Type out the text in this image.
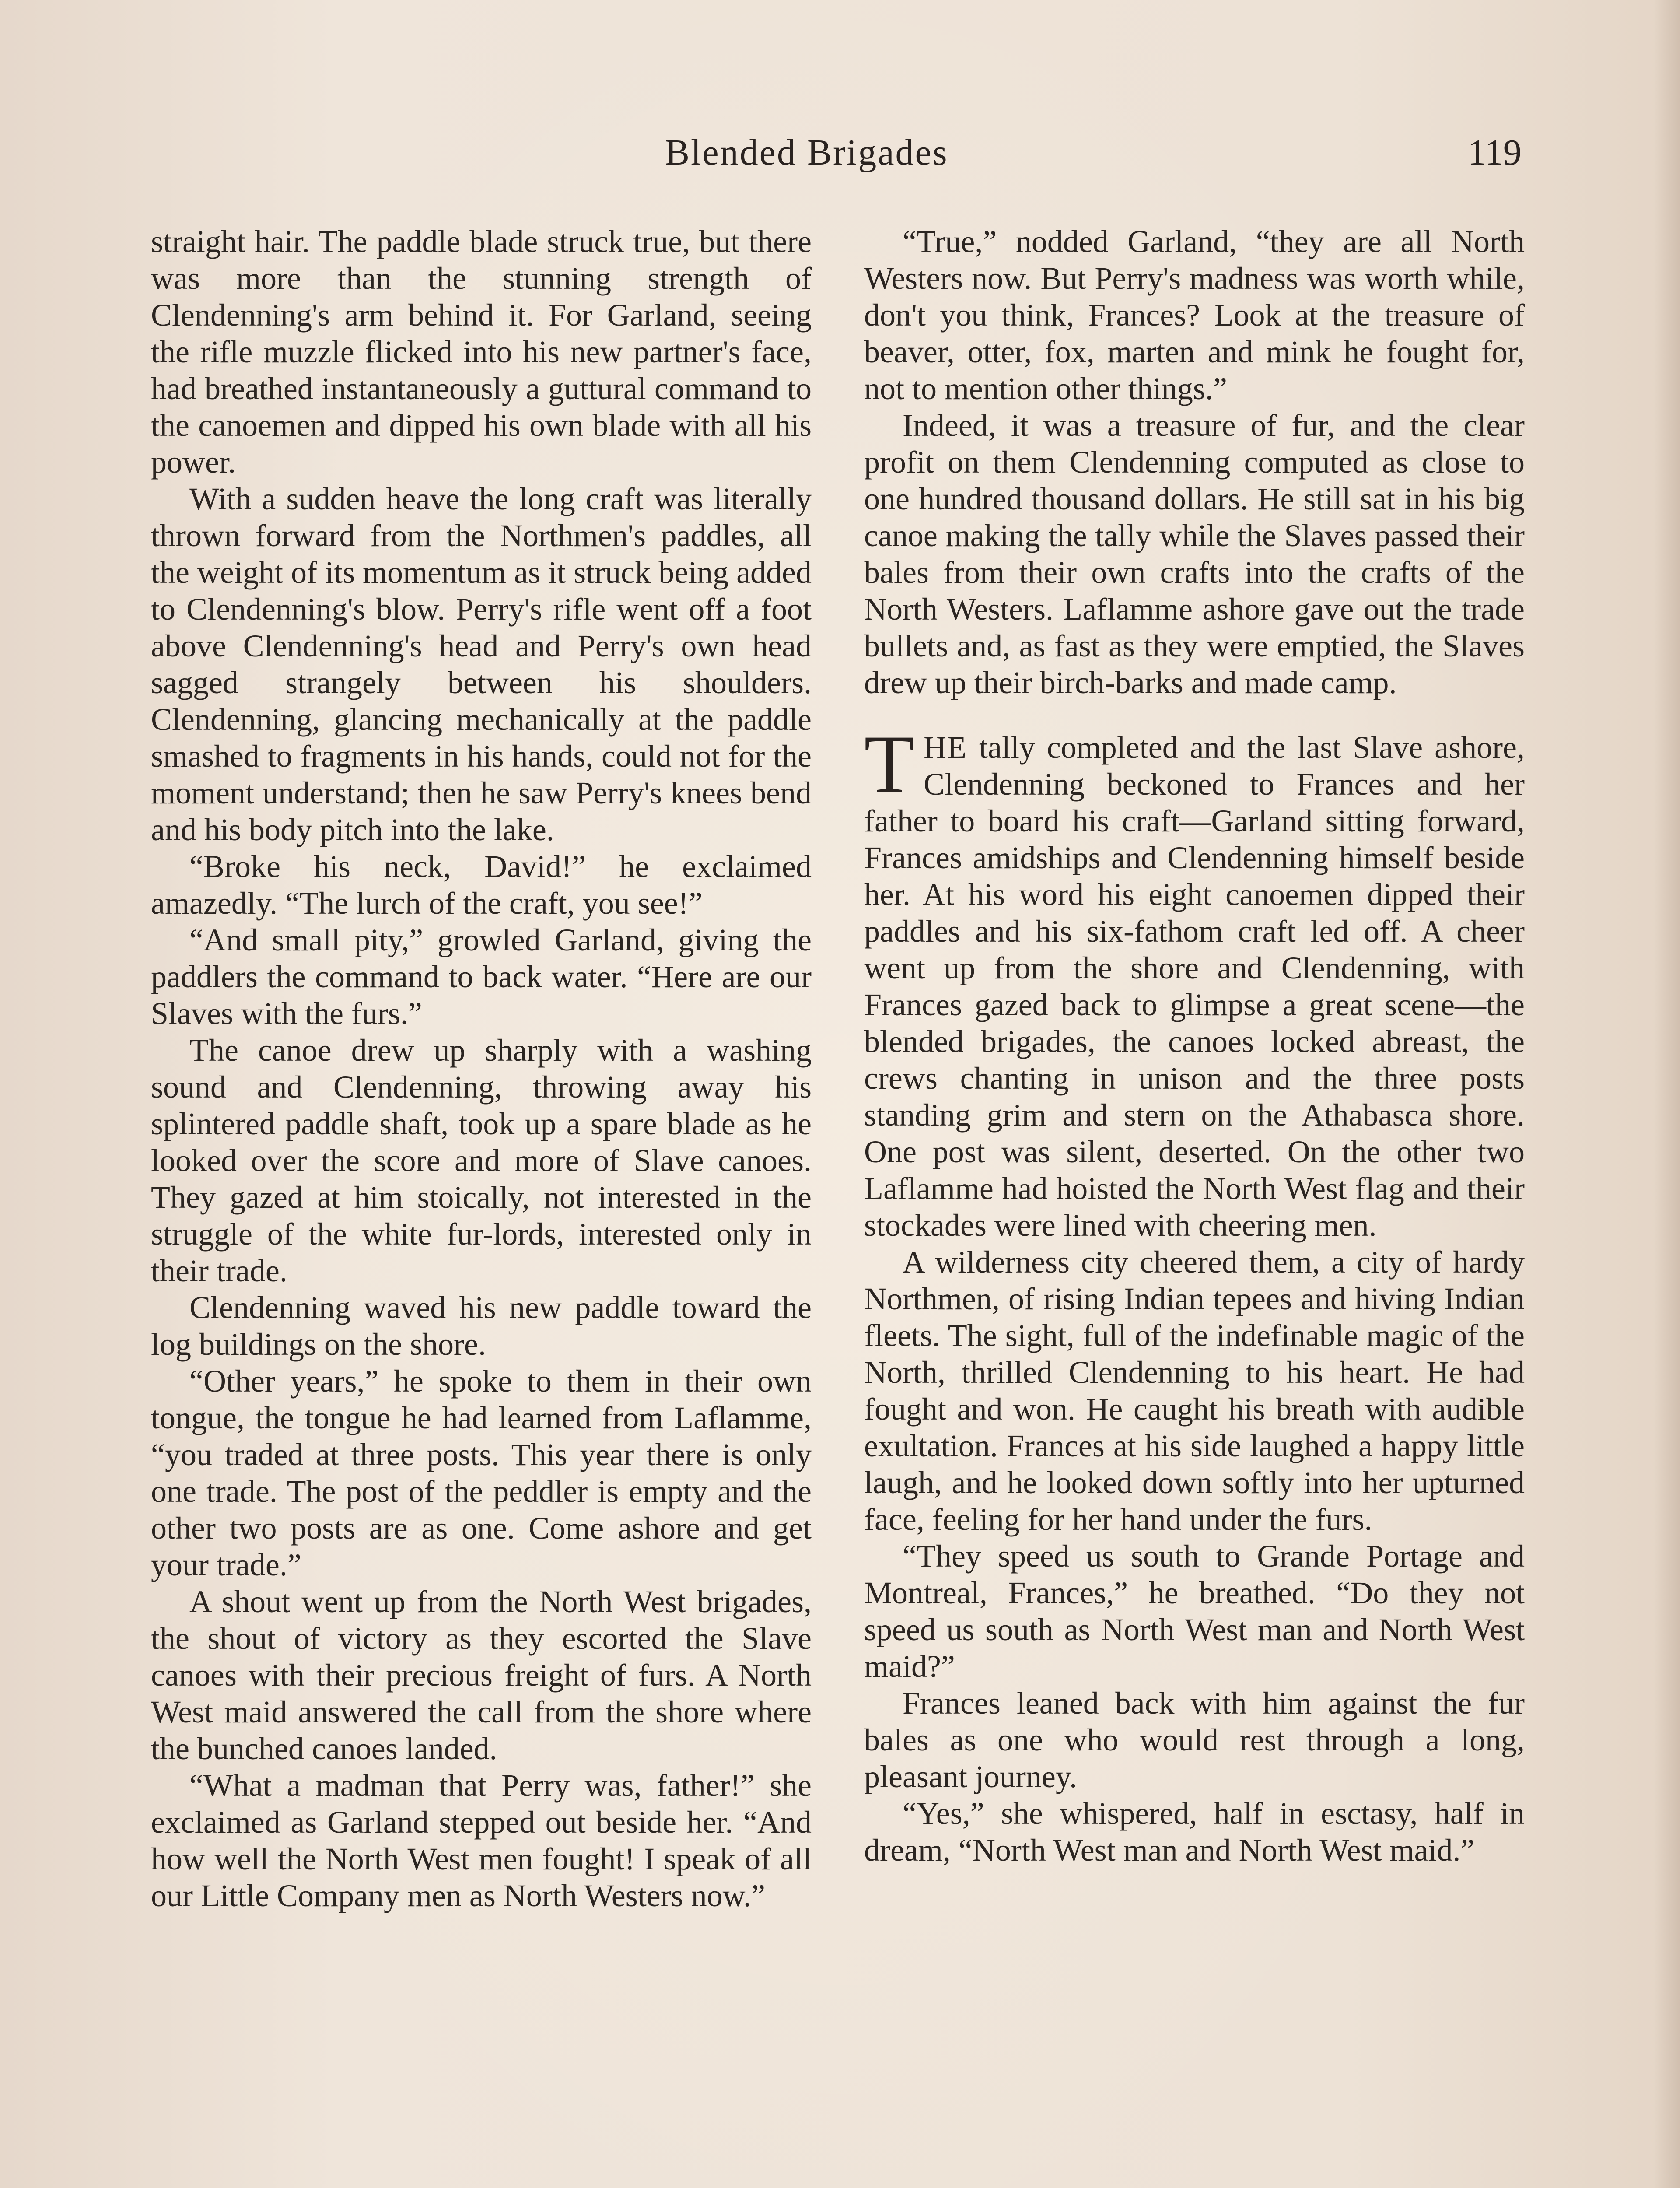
Blended Brigades	119

straight hair. The paddle blade struck true, but there was more than the stunning strength of Clendenning's arm behind it. For Garland, seeing the rifle muzzle flicked into his new partner's face, had breathed instantaneously a guttural command to the canoemen and dipped his own blade with all his power.

With a sudden heave the long craft was literally thrown forward from the Northmen's paddles, all the weight of its momentum as it struck being added to Clendenning's blow. Perry's rifle went off a foot above Clendenning's head and Perry's own head sagged strangely between his shoulders. Clendenning, glancing mechanically at the paddle smashed to fragments in his hands, could not for the moment understand; then he saw Perry's knees bend and his body pitch into the lake.

“Broke his neck, David!” he exclaimed amazedly. “The lurch of the craft, you see!”

“And small pity,” growled Garland, giving the paddlers the command to back water. “Here are our Slaves with the furs.”

The canoe drew up sharply with a washing sound and Clendenning, throwing away his splintered paddle shaft, took up a spare blade as he looked over the score and more of Slave canoes. They gazed at him stoically, not interested in the struggle of the white fur-lords, interested only in their trade.

Clendenning waved his new paddle toward the log buildings on the shore.

“Other years,” he spoke to them in their own tongue, the tongue he had learned from Laflamme, “you traded at three posts. This year there is only one trade. The post of the peddler is empty and the other two posts are as one. Come ashore and get your trade.”

A shout went up from the North West brigades, the shout of victory as they escorted the Slave canoes with their precious freight of furs. A North West maid answered the call from the shore where the bunched canoes landed.

“What a madman that Perry was, father!” she exclaimed as Garland stepped out beside her. “And how well the North West men fought! I speak of all our Little Company men as North Westers now.”

“True,” nodded Garland, “they are all North Westers now. But Perry's madness was worth while, don't you think, Frances? Look at the treasure of beaver, otter, fox, marten and mink he fought for, not to mention other things.”

Indeed, it was a treasure of fur, and the clear profit on them Clendenning computed as close to one hundred thousand dollars. He still sat in his big canoe making the tally while the Slaves passed their bales from their own crafts into the crafts of the North Westers. Laflamme ashore gave out the trade bullets and, as fast as they were emptied, the Slaves drew up their birch-barks and made camp.

THE tally completed and the last Slave ashore, Clendenning beckoned to Frances and her father to board his craft—Garland sitting forward, Frances amidships and Clendenning himself beside her. At his word his eight canoemen dipped their paddles and his six-fathom craft led off. A cheer went up from the shore and Clendenning, with Frances gazed back to glimpse a great scene—the blended brigades, the canoes locked abreast, the crews chanting in unison and the three posts standing grim and stern on the Athabasca shore. One post was silent, deserted. On the other two Laflamme had hoisted the North West flag and their stockades were lined with cheering men.

A wilderness city cheered them, a city of hardy Northmen, of rising Indian tepees and hiving Indian fleets. The sight, full of the indefinable magic of the North, thrilled Clendenning to his heart. He had fought and won. He caught his breath with audible exultation. Frances at his side laughed a happy little laugh, and he looked down softly into her upturned face, feeling for her hand under the furs.

“They speed us south to Grande Portage and Montreal, Frances,” he breathed. “Do they not speed us south as North West man and North West maid?”

Frances leaned back with him against the fur bales as one who would rest through a long, pleasant journey.

“Yes,” she whispered, half in esctasy, half in dream, “North West man and North West maid.”
